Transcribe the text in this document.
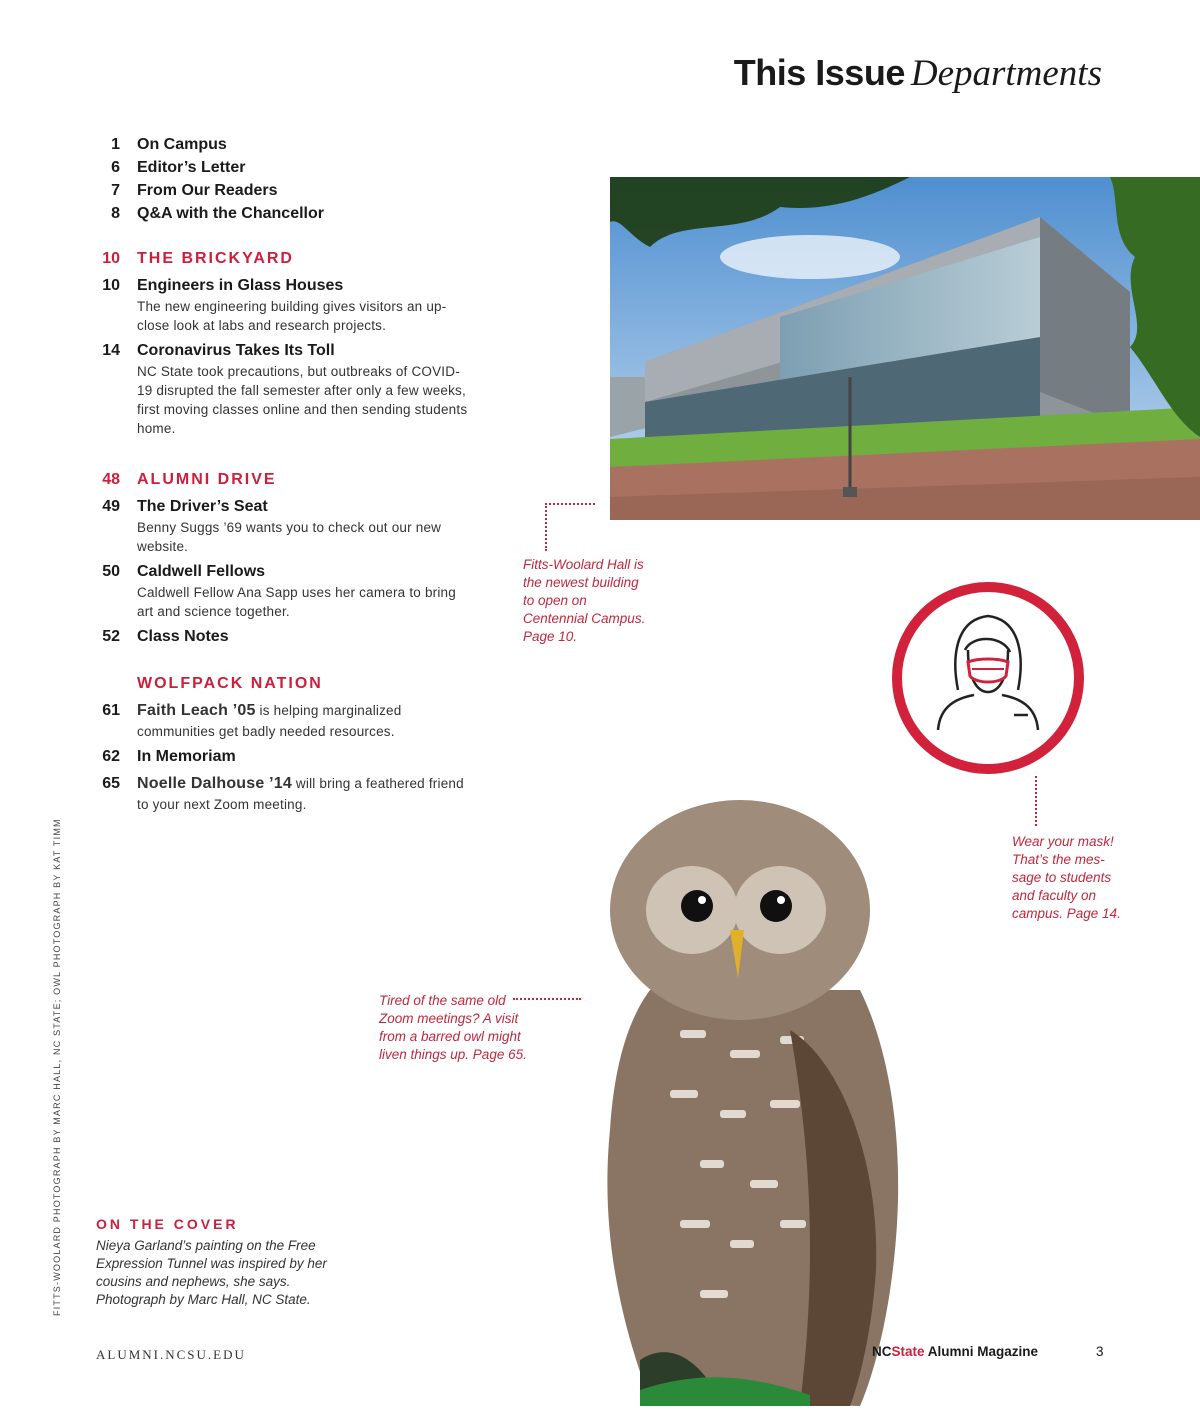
This Issue Departments
1 On Campus
6 Editor’s Letter
7 From Our Readers
8 Q&A with the Chancellor
10 THE BRICKYARD
10 Engineers in Glass Houses
The new engineering building gives visitors an up-close look at labs and research projects.
14 Coronavirus Takes Its Toll
NC State took precautions, but outbreaks of COVID-19 disrupted the fall semester after only a few weeks, first moving classes online and then sending students home.
48 ALUMNI DRIVE
49 The Driver’s Seat
Benny Suggs ’69 wants you to check out our new website.
50 Caldwell Fellows
Caldwell Fellow Ana Sapp uses her camera to bring art and science together.
52 Class Notes
WOLFPACK NATION
61 Faith Leach ’05 is helping marginalized communities get badly needed resources.
62 In Memoriam
65 Noelle Dalhouse ’14 will bring a feathered friend to your next Zoom meeting.
Fitts-Woolard Hall is the newest building to open on Centennial Campus. Page 10.
Wear your mask! That’s the mes-sage to students and faculty on campus. Page 14.
Tired of the same old Zoom meetings? A visit from a barred owl might liven things up. Page 65.
ON THE COVER
Nieya Garland’s painting on the Free Expression Tunnel was inspired by her cousins and nephews, she says. Photograph by Marc Hall, NC State.
FITTS-WOOLARD PHOTOGRAPH BY MARC HALL, NC STATE; OWL PHOTOGRAPH BY KAT TIMM
ALUMNI.NCSU.EDU	NCState Alumni Magazine	3
